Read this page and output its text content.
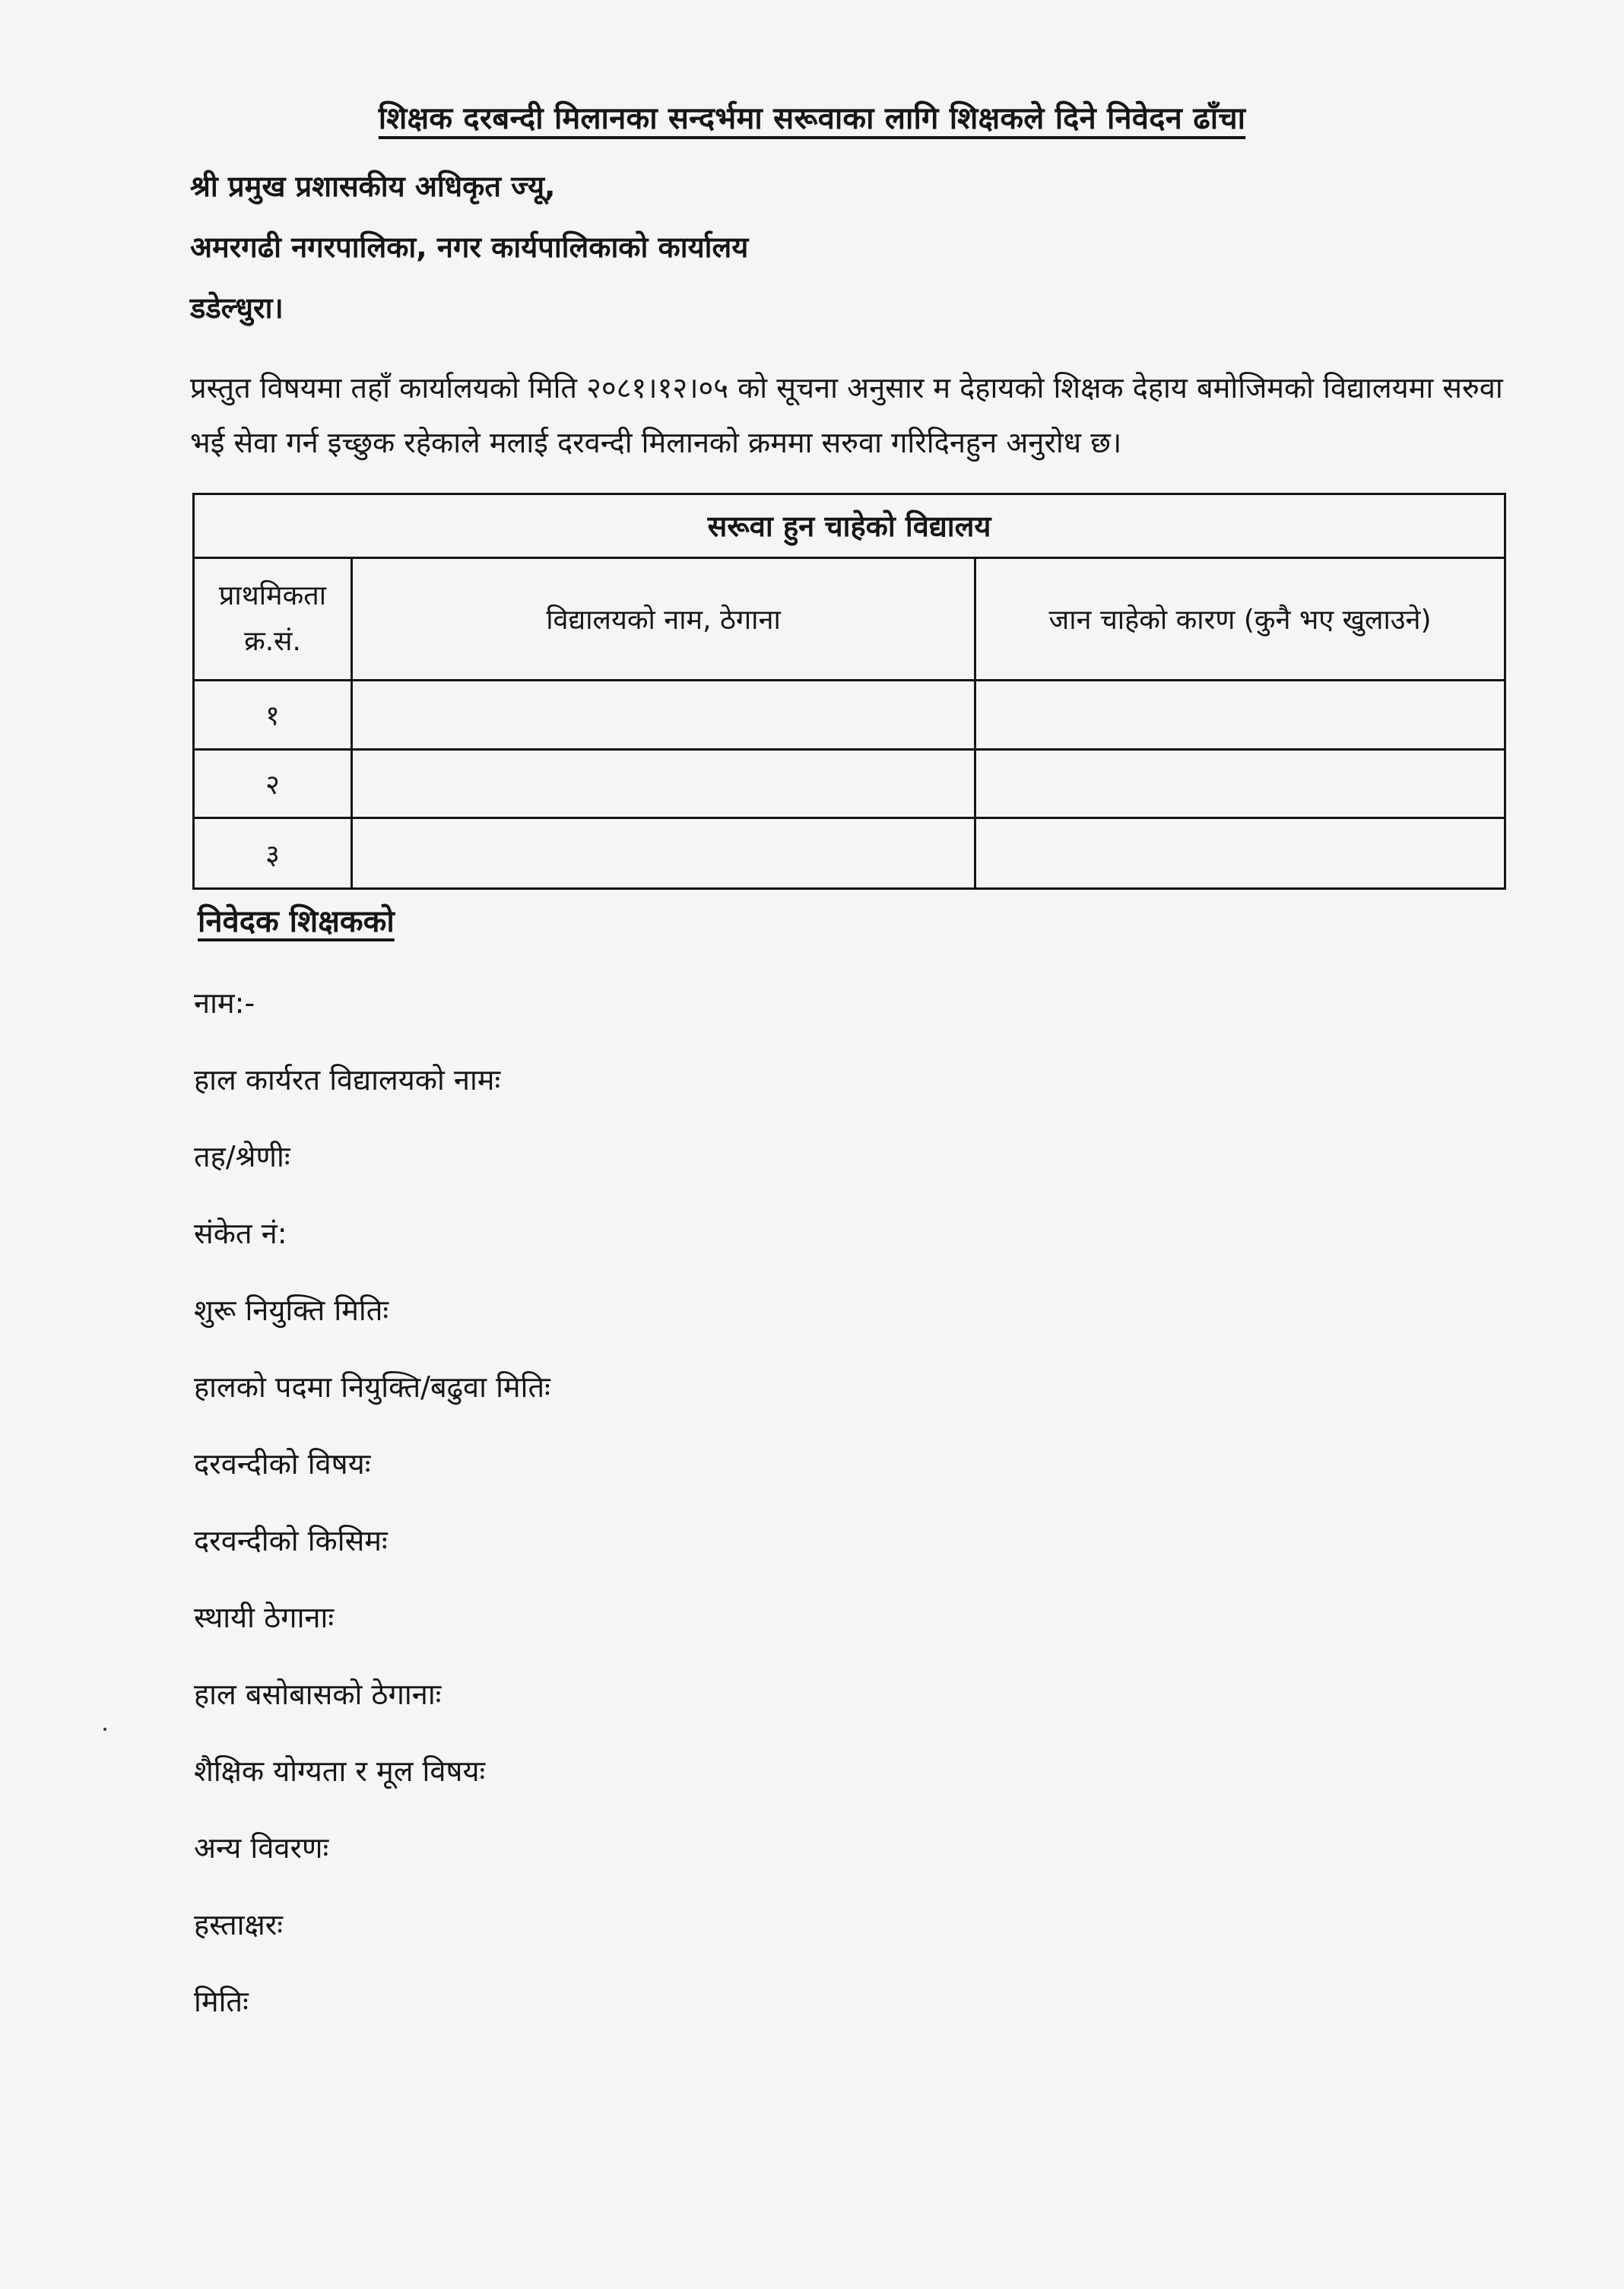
शिक्षक दरबन्दी मिलानका सन्दर्भमा सरूवाका लागि शिक्षकले दिने निवेदन ढाँचा
श्री प्रमुख प्रशासकीय अधिकृत ज्यू,
अमरगढी नगरपालिका, नगर कार्यपालिकाको कार्यालय
डडेल्धुरा।
प्रस्तुत विषयमा तहाँ कार्यालयको मिति २०८१।१२।०५ को सूचना अनुसार म देहायको शिक्षक देहाय बमोजिमको विद्यालयमा सरुवा भई सेवा गर्न इच्छुक रहेकाले मलाई दरवन्दी मिलानको क्रममा सरुवा गरिदिनहुन अनुरोध छ।
सरूवा हुन चाहेको विद्यालय		
प्राथमिकता
क्र.सं.	विद्यालयको नाम, ठेगाना	जान चाहेको कारण (कुनै भए खुलाउने)
१		
२		
३		
निवेदक शिक्षकको
नाम:-
हाल कार्यरत विद्यालयको नामः
तह/श्रेणीः
संकेत नं:
शुरू नियुक्ति मितिः
हालको पदमा नियुक्ति/बढुवा मितिः
दरवन्दीको विषयः
दरवन्दीको किसिमः
स्थायी ठेगानाः
हाल बसोबासको ठेगानाः
शैक्षिक योग्यता र मूल विषयः
अन्य विवरणः
हस्ताक्षरः
मितिः
